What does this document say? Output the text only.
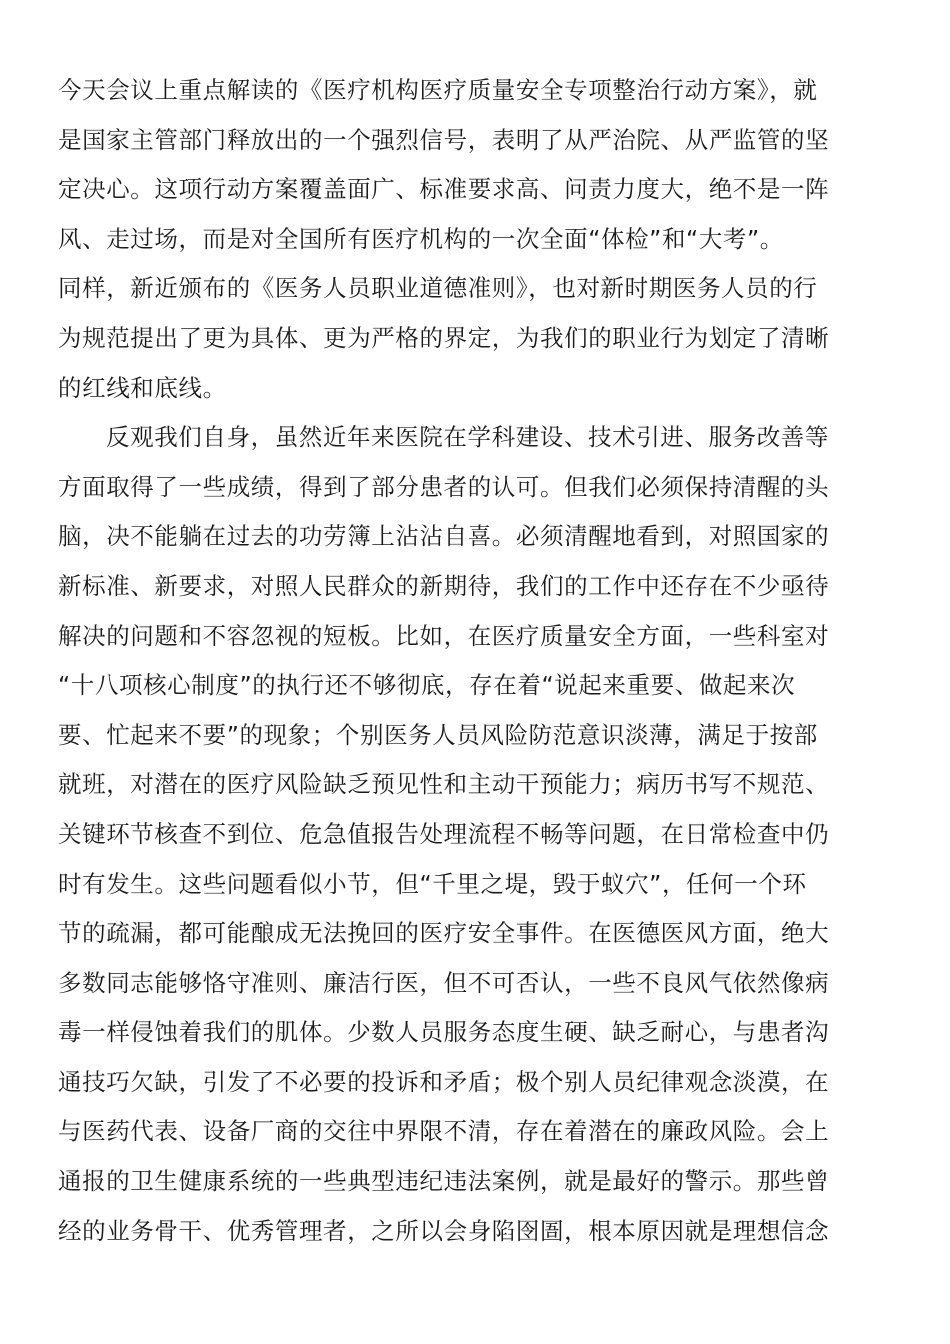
今天会议上重点解读的《医疗机构医疗质量安全专项整治行动方案》，就
是国家主管部门释放出的一个强烈信号，表明了从严治院、从严监管的坚
定决心。这项行动方案覆盖面广、标准要求高、问责力度大，绝不是一阵
风、走过场，而是对全国所有医疗机构的一次全面“体检”和“大考”。
同样，新近颁布的《医务人员职业道德准则》，也对新时期医务人员的行
为规范提出了更为具体、更为严格的界定，为我们的职业行为划定了清晰
的红线和底线。
反观我们自身，虽然近年来医院在学科建设、技术引进、服务改善等
方面取得了一些成绩，得到了部分患者的认可。但我们必须保持清醒的头
脑，决不能躺在过去的功劳簿上沾沾自喜。必须清醒地看到，对照国家的
新标准、新要求，对照人民群众的新期待，我们的工作中还存在不少亟待
解决的问题和不容忽视的短板。比如，在医疗质量安全方面，一些科室对
“十八项核心制度”的执行还不够彻底，存在着“说起来重要、做起来次
要、忙起来不要”的现象；个别医务人员风险防范意识淡薄，满足于按部
就班，对潜在的医疗风险缺乏预见性和主动干预能力；病历书写不规范、
关键环节核查不到位、危急值报告处理流程不畅等问题，在日常检查中仍
时有发生。这些问题看似小节，但“千里之堤，毁于蚁穴”，任何一个环
节的疏漏，都可能酿成无法挽回的医疗安全事件。在医德医风方面，绝大
多数同志能够恪守准则、廉洁行医，但不可否认，一些不良风气依然像病
毒一样侵蚀着我们的肌体。少数人员服务态度生硬、缺乏耐心，与患者沟
通技巧欠缺，引发了不必要的投诉和矛盾；极个别人员纪律观念淡漠，在
与医药代表、设备厂商的交往中界限不清，存在着潜在的廉政风险。会上
通报的卫生健康系统的一些典型违纪违法案例，就是最好的警示。那些曾
经的业务骨干、优秀管理者，之所以会身陷囹圄，根本原因就是理想信念
